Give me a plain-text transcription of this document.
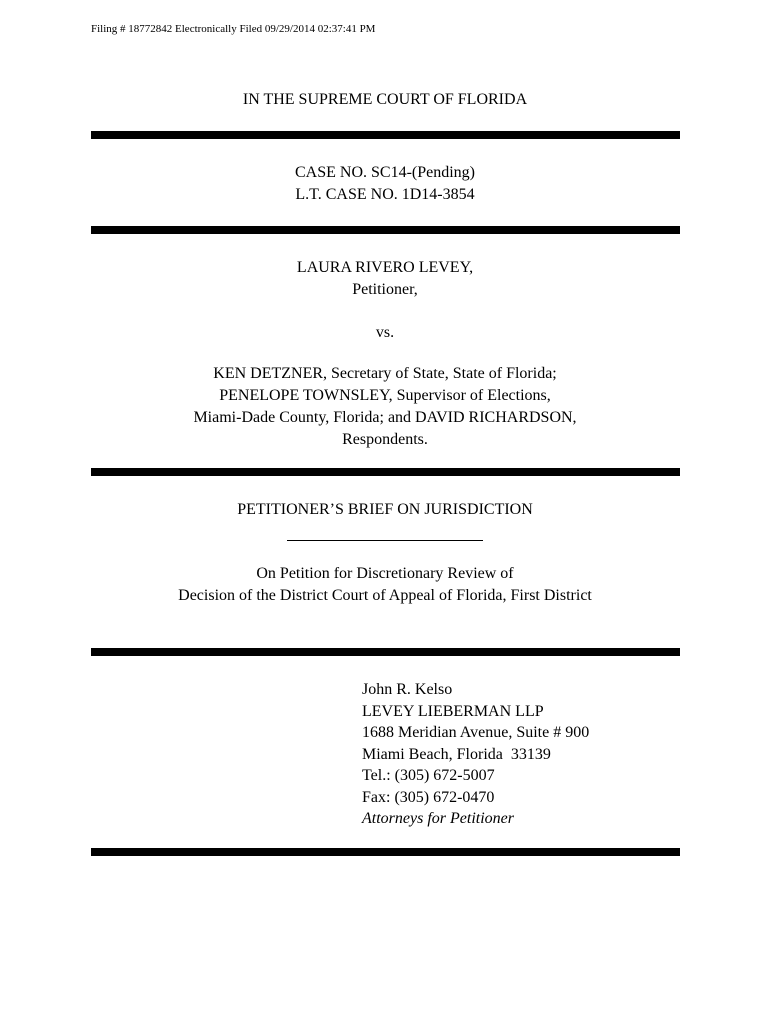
Filing # 18772842 Electronically Filed 09/29/2014 02:37:41 PM
IN THE SUPREME COURT OF FLORIDA
CASE NO. SC14-(Pending)
L.T. CASE NO. 1D14-3854
LAURA RIVERO LEVEY,
Petitioner,
vs.
KEN DETZNER, Secretary of State, State of Florida;
PENELOPE TOWNSLEY, Supervisor of Elections,
Miami-Dade County, Florida; and DAVID RICHARDSON,
Respondents.
PETITIONER’S BRIEF ON JURISDICTION
On Petition for Discretionary Review of
Decision of the District Court of Appeal of Florida, First District
John R. Kelso
LEVEY LIEBERMAN LLP
1688 Meridian Avenue, Suite # 900
Miami Beach, Florida  33139
Tel.: (305) 672-5007
Fax: (305) 672-0470
Attorneys for Petitioner
